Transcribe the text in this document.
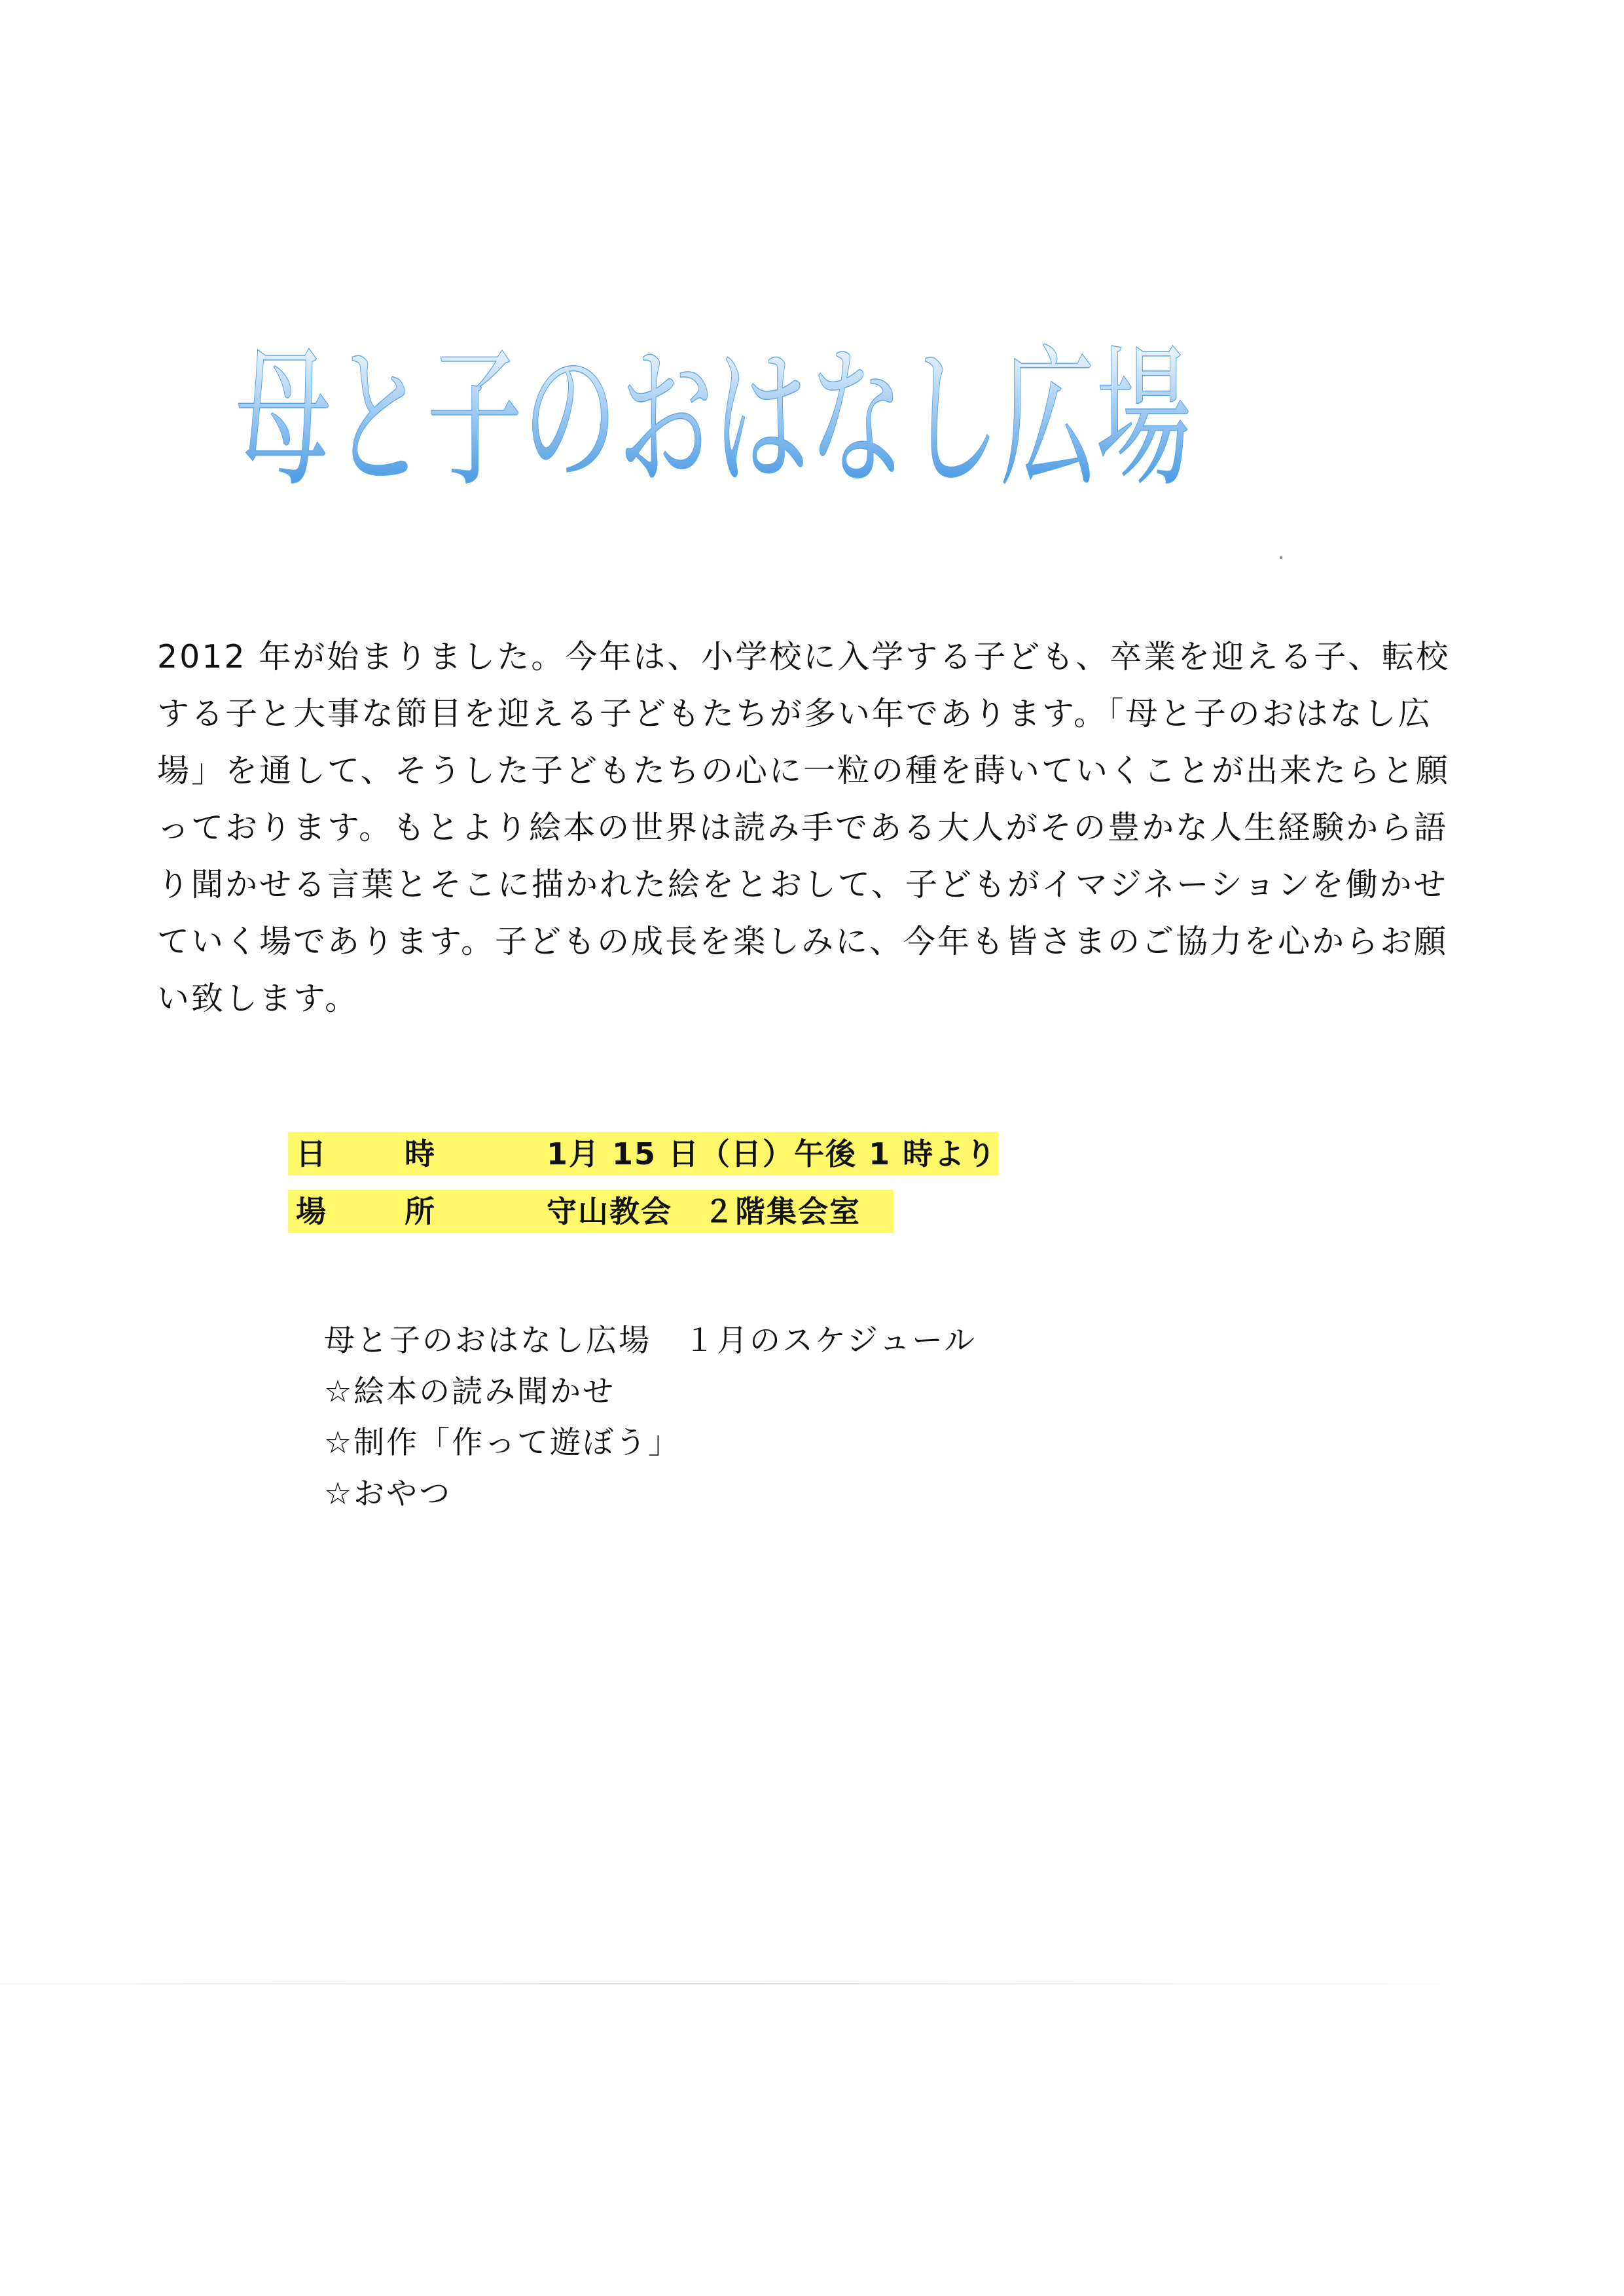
母と子のおはなし広場

2012 年が始まりました。今年は、小学校に入学する子ども、卒業を迎える子、転校する子と大事な節目を迎える子どもたちが多い年であります。「母と子のおはなし広場」を通して、そうした子どもたちの心に一粒の種を蒔いていくことが出来たらと願っております。もとより絵本の世界は読み手である大人がその豊かな人生経験から語り聞かせる言葉とそこに描かれた絵をとおして、子どもがイマジネーションを働かせていく場であります。子どもの成長を楽しみに、今年も皆さまのご協力を心からお願い致します。

日時 1月 15 日（日）午後 1 時より
場所 守山教会　２階集会室
母と子のおはなし広場　１月のスケジュール
☆絵本の読み聞かせ
☆制作「作って遊ぼう」
☆おやつ
